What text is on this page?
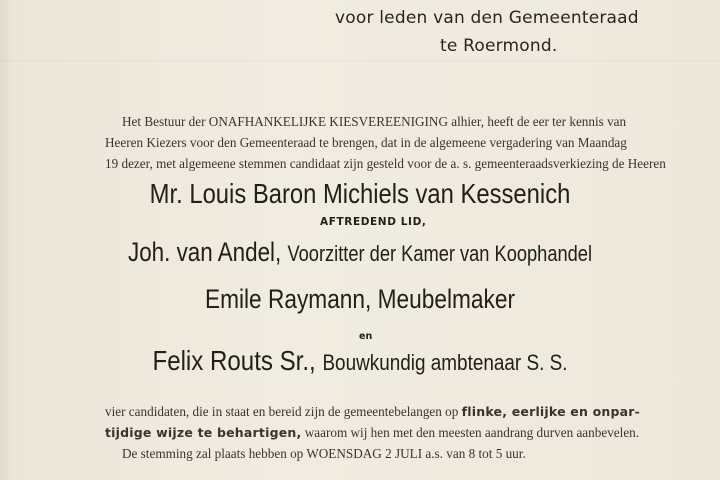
voor leden van den Gemeenteraad
te Roermond.
Het Bestuur der ONAFHANKELIJKE KIESVEREENIGING alhier, heeft de eer ter kennis van
Heeren Kiezers voor den Gemeenteraad te brengen, dat in de algemeene vergadering van Maandag
19 dezer, met algemeene stemmen candidaat zijn gesteld voor de a. s. gemeenteraadsverkiezing de Heeren
Mr. Louis Baron Michiels van Kessenich
AFTREDEND LID,
Joh. van Andel, Voorzitter der Kamer van Koophandel
Emile Raymann, Meubelmaker
en
Felix Routs Sr., Bouwkundig ambtenaar S. S.
vier candidaten, die in staat en bereid zijn de gemeentebelangen op flinke, eerlijke en onpar-
tijdige wijze te behartigen, waarom wij hen met den meesten aandrang durven aanbevelen.
De stemming zal plaats hebben op WOENSDAG 2 JULI a.s. van 8 tot 5 uur.
